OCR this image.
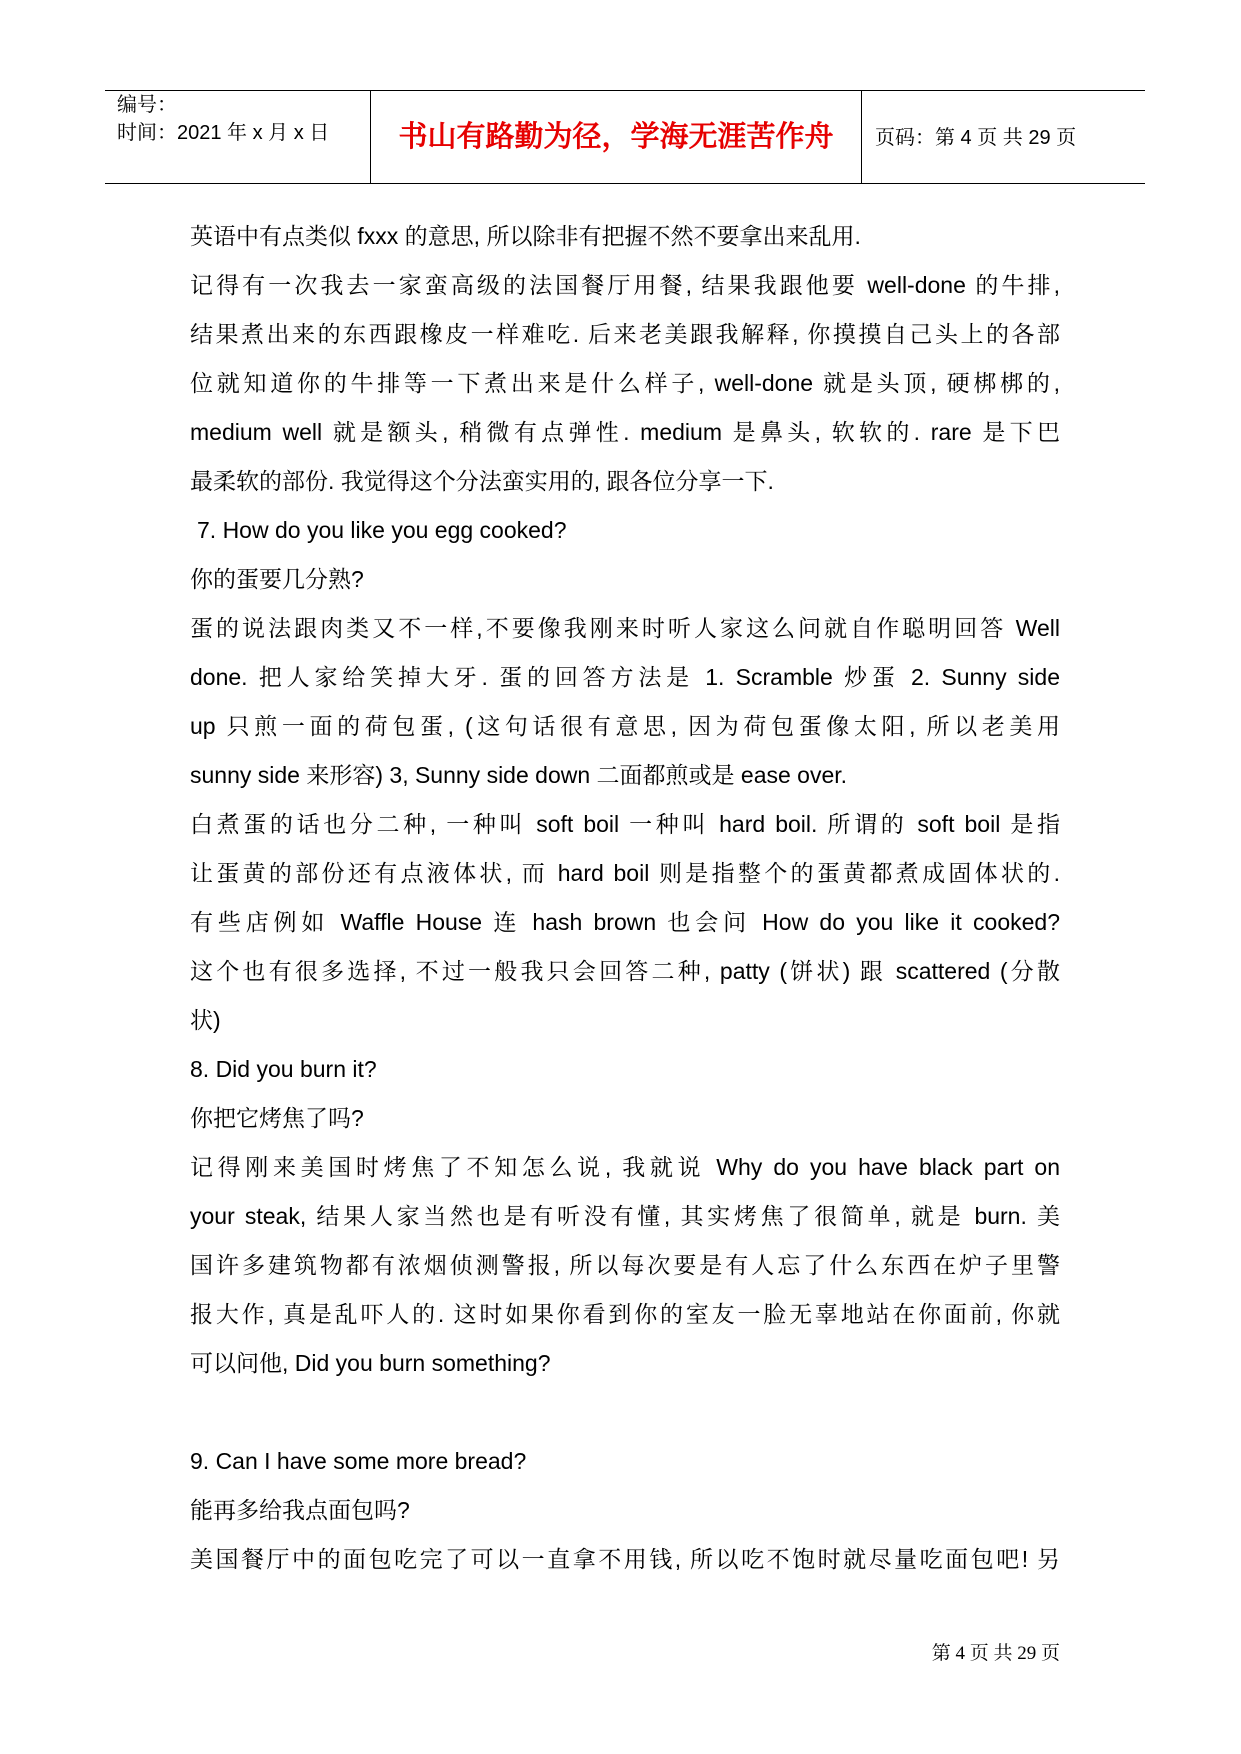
编号：
时间：2021 年 x 月 x 日	书山有路勤为径，学海无涯苦作舟	页码：第 4 页 共 29 页
英语中有点类似 fxxx 的意思, 所以除非有把握不然不要拿出来乱用.
记得有一次我去一家蛮高级的法国餐厅用餐, 结果我跟他要 well-done 的牛排,
结果煮出来的东西跟橡皮一样难吃. 后来老美跟我解释, 你摸摸自己头上的各部
位就知道你的牛排等一下煮出来是什么样子, well-done 就是头顶, 硬梆梆的,
medium well 就是额头, 稍微有点弹性. medium 是鼻头, 软软的. rare 是下巴
最柔软的部份. 我觉得这个分法蛮实用的, 跟各位分享一下.
7. How do you like you egg cooked?
你的蛋要几分熟?
蛋的说法跟肉类又不一样,不要像我刚来时听人家这么问就自作聪明回答 Well
done. 把人家给笑掉大牙. 蛋的回答方法是 1. Scramble 炒蛋 2. Sunny side
up 只煎一面的荷包蛋, (这句话很有意思, 因为荷包蛋像太阳, 所以老美用
sunny side 来形容) 3, Sunny side down 二面都煎或是 ease over.
白煮蛋的话也分二种, 一种叫 soft boil 一种叫 hard boil. 所谓的 soft boil 是指
让蛋黄的部份还有点液体状, 而 hard boil 则是指整个的蛋黄都煮成固体状的.
有些店例如 Waffle House 连 hash brown 也会问 How do you like it cooked?
这个也有很多选择, 不过一般我只会回答二种, patty (饼状) 跟 scattered (分散
状)
8. Did you burn it?
你把它烤焦了吗?
记得刚来美国时烤焦了不知怎么说, 我就说 Why do you have black part on
your steak, 结果人家当然也是有听没有懂, 其实烤焦了很简单, 就是 burn. 美
国许多建筑物都有浓烟侦测警报, 所以每次要是有人忘了什么东西在炉子里警
报大作, 真是乱吓人的. 这时如果你看到你的室友一脸无辜地站在你面前, 你就
可以问他, Did you burn something?
9. Can I have some more bread?
能再多给我点面包吗?
美国餐厅中的面包吃完了可以一直拿不用钱, 所以吃不饱时就尽量吃面包吧! 另
第 4 页 共 29 页
